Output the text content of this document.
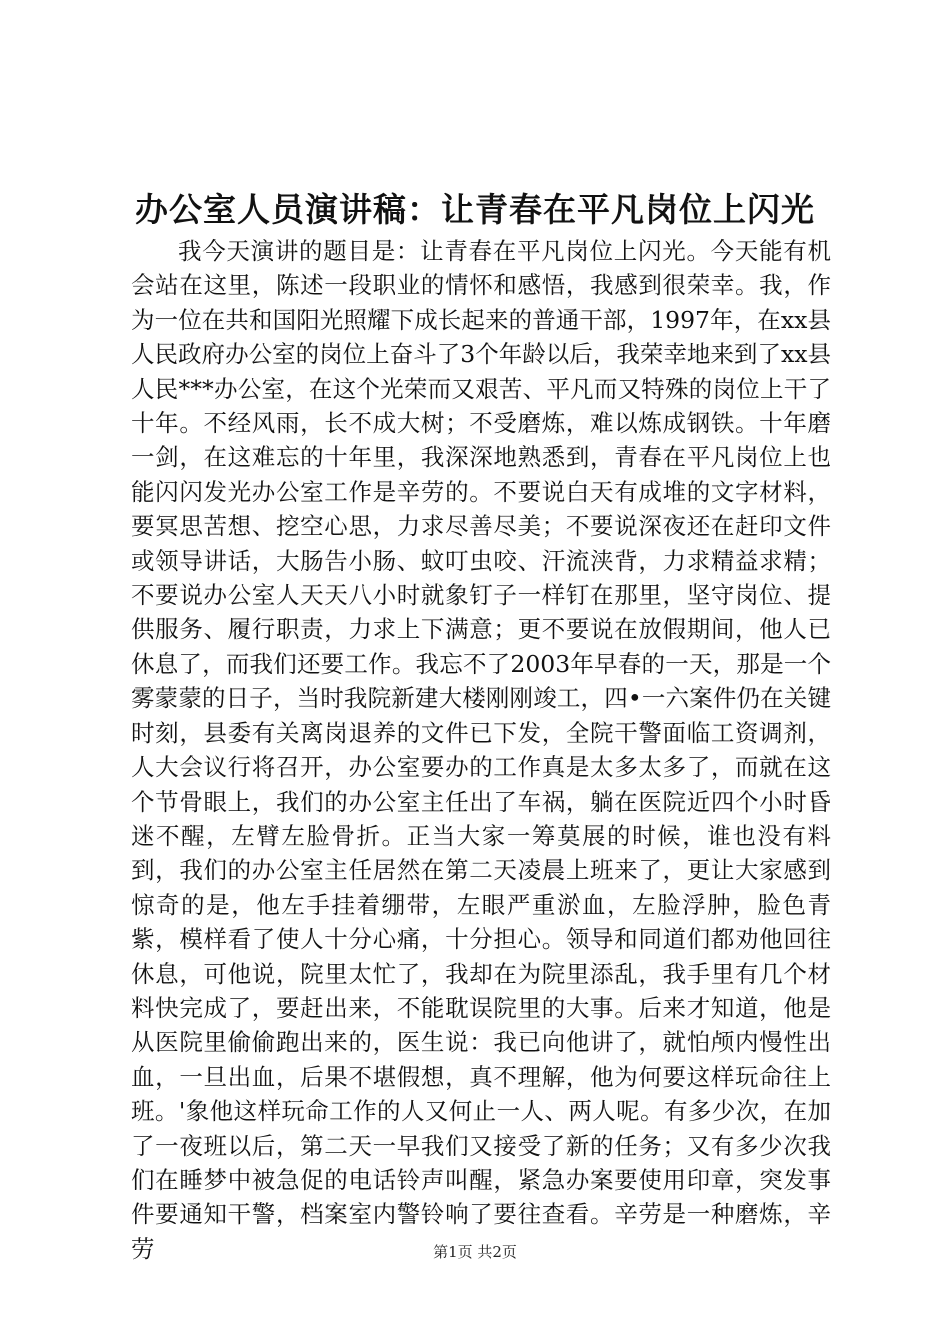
办公室人员演讲稿：让青春在平凡岗位上闪光

我今天演讲的题目是：让青春在平凡岗位上闪光。今天能有机会站在这里，陈述一段职业的情怀和感悟，我感到很荣幸。我，作为一位在共和国阳光照耀下成长起来的普通干部，1997年，在xx县人民政府办公室的岗位上奋斗了3个年龄以后，我荣幸地来到了xx县人民***办公室，在这个光荣而又艰苦、平凡而又特殊的岗位上干了十年。不经风雨，长不成大树；不受磨炼，难以炼成钢铁。十年磨一剑，在这难忘的十年里，我深深地熟悉到，青春在平凡岗位上也能闪闪发光办公室工作是辛劳的。不要说白天有成堆的文字材料，要冥思苦想、挖空心思，力求尽善尽美；不要说深夜还在赶印文件或领导讲话，大肠告小肠、蚊叮虫咬、汗流浃背，力求精益求精；不要说办公室人天天八小时就象钉子一样钉在那里，坚守岗位、提供服务、履行职责，力求上下满意；更不要说在放假期间，他人已休息了，而我们还要工作。我忘不了2003年早春的一天，那是一个雾蒙蒙的日子，当时我院新建大楼刚刚竣工，四•一六案件仍在关键时刻，县委有关离岗退养的文件已下发，全院干警面临工资调剂，人大会议行将召开，办公室要办的工作真是太多太多了，而就在这个节骨眼上，我们的办公室主任出了车祸，躺在医院近四个小时昏迷不醒，左臂左脸骨折。正当大家一筹莫展的时候，谁也没有料到，我们的办公室主任居然在第二天凌晨上班来了，更让大家感到惊奇的是，他左手挂着绷带，左眼严重淤血，左脸浮肿，脸色青紫，模样看了使人十分心痛，十分担心。领导和同道们都劝他回往休息，可他说，院里太忙了，我却在为院里添乱，我手里有几个材料快完成了，要赶出来，不能耽误院里的大事。后来才知道，他是从医院里偷偷跑出来的，医生说：我已向他讲了，就怕颅内慢性出血，一旦出血，后果不堪假想，真不理解，他为何要这样玩命往上班。'象他这样玩命工作的人又何止一人、两人呢。有多少次，在加了一夜班以后，第二天一早我们又接受了新的任务；又有多少次我们在睡梦中被急促的电话铃声叫醒，紧急办案要使用印章，突发事件要通知干警，档案室内警铃响了要往查看。辛劳是一种磨炼，辛劳	第1页 共2页
